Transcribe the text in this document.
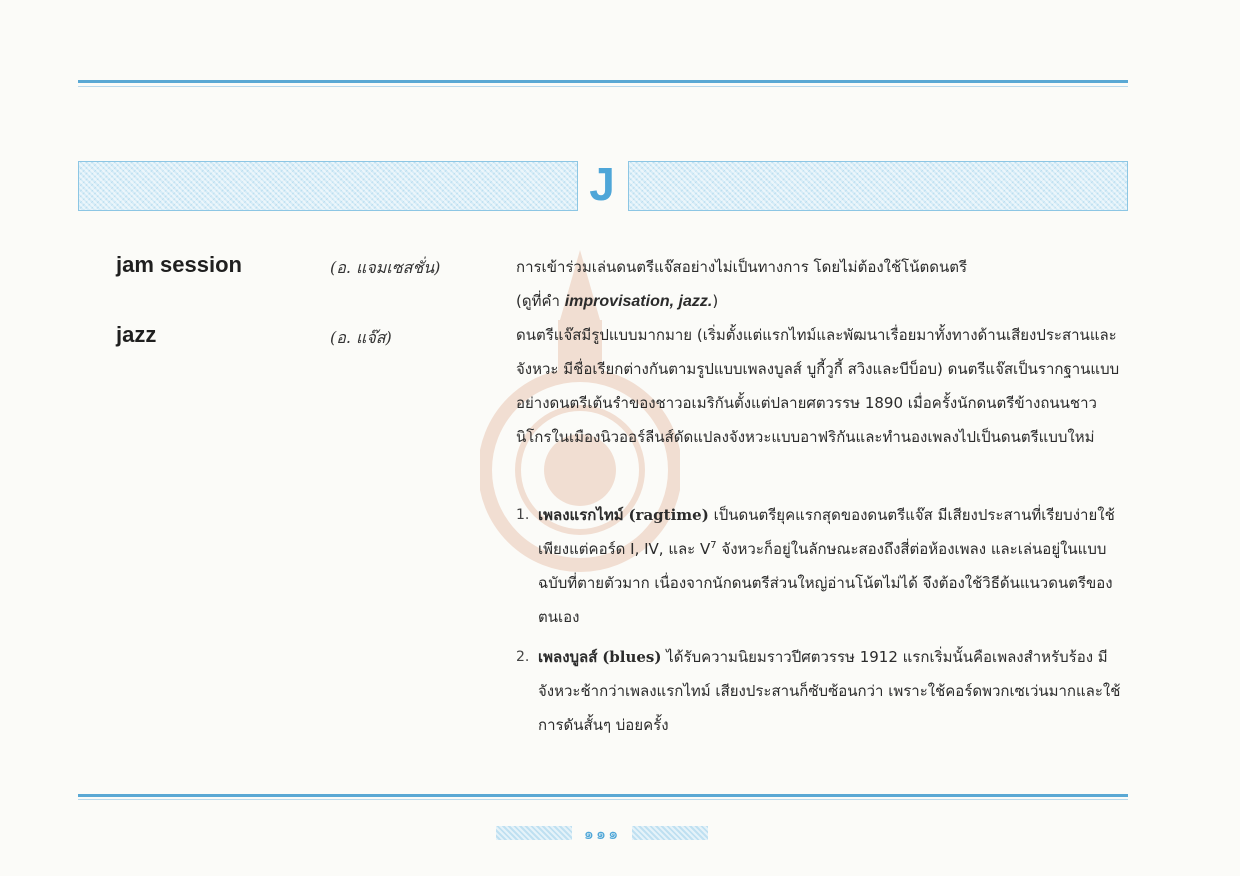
J
jam session	(อ. แจมเซสชั่น)	การเข้าร่วมเล่นดนตรีแจ๊สอย่างไม่เป็นทางการ โดยไม่ต้องใช้โน้ตดนตรี
(ดูที่คำ improvisation, jazz.)
jazz	(อ. แจ๊ส)	ดนตรีแจ๊สมีรูปแบบมากมาย (เริ่มตั้งแต่แรกไทม์และพัฒนาเรื่อยมาทั้งทางด้านเสียงประสานและจังหวะ มีชื่อเรียกต่างกันตามรูปแบบเพลงบูลส์ บูกี้วูกี้ สวิงและบีบ็อบ) ดนตรีแจ๊สเป็นรากฐานแบบอย่างดนตรีเต้นรำของชาวอเมริกันตั้งแต่ปลายศตวรรษ 1890 เมื่อครั้งนักดนตรีข้างถนนชาวนิโกรในเมืองนิวออร์ลีนส์ดัดแปลงจังหวะแบบอาฟริกันและทำนองเพลงไปเป็นดนตรีแบบใหม่
1. เพลงแรกไทม์ (ragtime) เป็นดนตรียุคแรกสุดของดนตรีแจ๊ส มีเสียงประสานที่เรียบง่ายใช้เพียงแต่คอร์ด I, IV, และ $V^7$ จังหวะก็อยู่ในลักษณะสองถึงสี่ต่อห้องเพลง และเล่นอยู่ในแบบฉบับที่ตายตัวมาก เนื่องจากนักดนตรีส่วนใหญ่อ่านโน้ตไม่ได้ จึงต้องใช้วิธีด้นแนวดนตรีของตนเอง
2. เพลงบูลส์ (blues) ได้รับความนิยมราวปีศตวรรษ 1912 แรกเริ่มนั้นคือเพลงสำหรับร้อง มีจังหวะช้ากว่าเพลงแรกไทม์ เสียงประสานก็ซับซ้อนกว่า เพราะใช้คอร์ดพวกเซเว่นมากและใช้การดันสั้นๆ บ่อยครั้ง
๑๑๑
